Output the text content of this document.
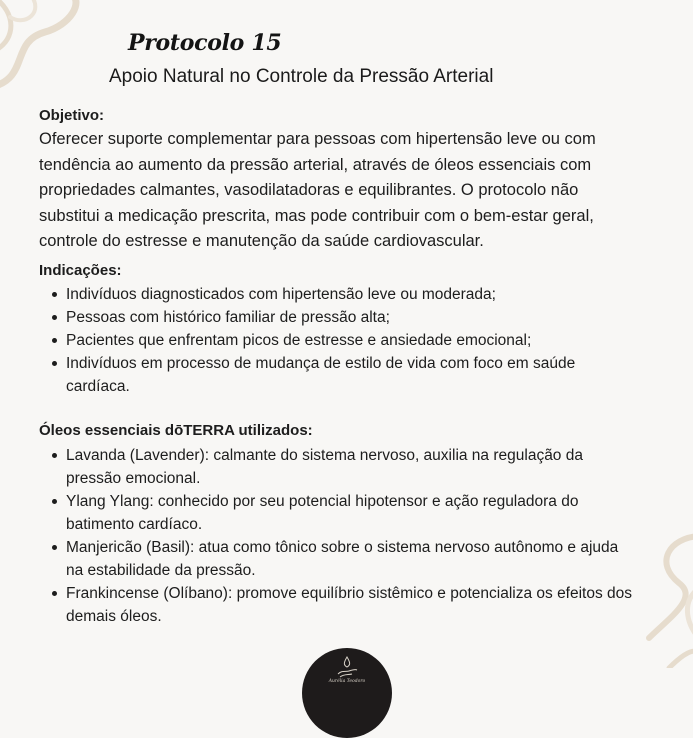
Protocolo 15
Apoio Natural no Controle da Pressão Arterial
Objetivo:
Oferecer suporte complementar para pessoas com hipertensão leve ou com tendência ao aumento da pressão arterial, através de óleos essenciais com propriedades calmantes, vasodilatadoras e equilibrantes. O protocolo não substitui a medicação prescrita, mas pode contribuir com o bem-estar geral, controle do estresse e manutenção da saúde cardiovascular.
Indicações:
Indivíduos diagnosticados com hipertensão leve ou moderada;
Pessoas com histórico familiar de pressão alta;
Pacientes que enfrentam picos de estresse e ansiedade emocional;
Indivíduos em processo de mudança de estilo de vida com foco em saúde cardíaca.
Óleos essenciais dōTERRA utilizados:
Lavanda (Lavender): calmante do sistema nervoso, auxilia na regulação da pressão emocional.
Ylang Ylang: conhecido por seu potencial hipotensor e ação reguladora do batimento cardíaco.
Manjericão (Basil): atua como tônico sobre o sistema nervoso autônomo e ajuda na estabilidade da pressão.
Frankincense (Olíbano): promove equilíbrio sistêmico e potencializa os efeitos dos demais óleos.
Aurélia Teodoro
